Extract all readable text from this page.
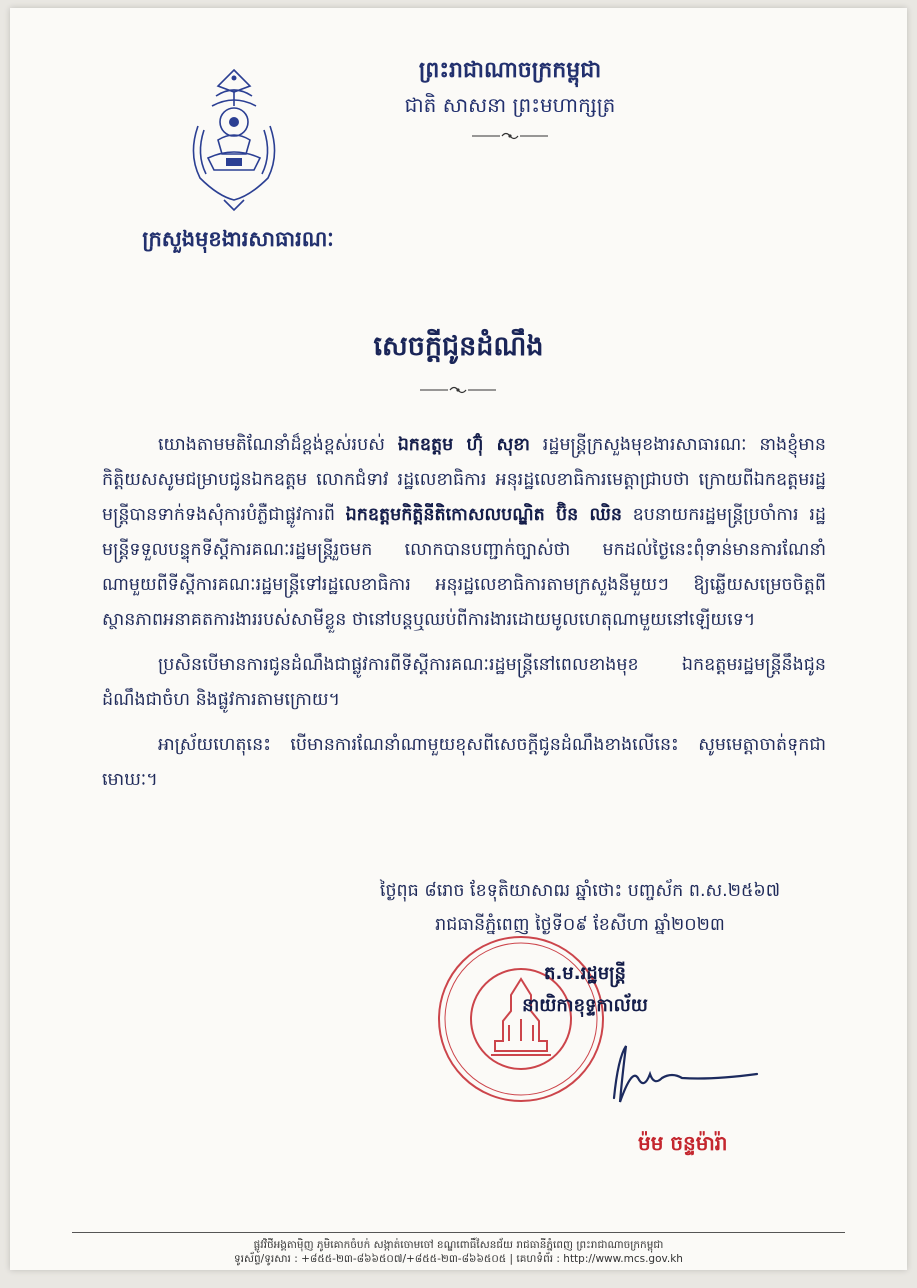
ក្រសួងមុខងារសាធារណៈ
ព្រះរាជាណាចក្រកម្ពុជា
ជាតិ សាសនា ព្រះមហាក្សត្រ
សេចក្តីជូនដំណឹង

យោងតាមមតិណែនាំដ៏ខ្ពង់ខ្ពស់របស់ ឯកឧត្តម ហ៊ុំ សុខា រដ្ឋមន្ត្រីក្រសួងមុខងារសាធារណៈ នាងខ្ញុំមានកិត្តិយសសូមជម្រាបជូនឯកឧត្តម លោកជំទាវ រដ្ឋលេខាធិការ អនុរដ្ឋលេខាធិការមេត្តាជ្រាបថា ក្រោយពីឯកឧត្តមរដ្ឋមន្ត្រីបានទាក់ទងសុំការបំភ្លឺជាផ្លូវការពី ឯកឧត្តមកិត្តិនីតិកោសលបណ្ឌិត ប៊ិន ឈិន ឧបនាយករដ្ឋមន្ត្រីប្រចាំការ រដ្ឋមន្ត្រីទទួលបន្ទុកទីស្តីការគណៈរដ្ឋមន្ត្រីរួចមក លោកបានបញ្ជាក់ច្បាស់ថា មកដល់ថ្ងៃនេះពុំទាន់មានការណែនាំណាមួយពីទីស្តីការគណៈរដ្ឋមន្ត្រីទៅរដ្ឋលេខាធិការ អនុរដ្ឋលេខាធិការតាមក្រសួងនីមួយៗ ឱ្យឆ្លើយសម្រេចចិត្តពីស្ថានភាពអនាគតការងាររបស់សាមីខ្លួន ថានៅបន្តឬឈប់ពីការងារដោយមូលហេតុណាមួយនៅឡើយទេ។

ប្រសិនបើមានការជូនដំណឹងជាផ្លូវការពីទីស្តីការគណៈរដ្ឋមន្ត្រីនៅពេលខាងមុខ ឯកឧត្តមរដ្ឋមន្ត្រីនឹងជូនដំណឹងជាចំហ និងផ្លូវការតាមក្រោយ។

អាស្រ័យហេតុនេះ បើមានការណែនាំណាមួយខុសពីសេចក្តីជូនដំណឹងខាងលើនេះ សូមមេត្តាចាត់ទុកជាមោឃៈ។

ថ្ងៃពុធ ៨រោច ខែទុតិយាសាឍ ឆ្នាំថោះ បញ្ចស័ក ព.ស.២៥៦៧
រាជធានីភ្នំពេញ ថ្ងៃទី០៩ ខែសីហា ឆ្នាំ២០២៣
ត.ម.រដ្ឋមន្ត្រី
នាយិកាខុទ្ទកាល័យ
ម៉ម ចន្ទម៉ារ៉ា
ផ្លូវវិថីអង្គតាម៉ិញ ភូមិគោកចំបក់ សង្កាត់ចោមចៅ ខណ្ឌពោធិ៍សែនជ័យ រាជធានីភ្នំពេញ ព្រះរាជាណាចក្រកម្ពុជា
ទូរស័ព្ទ/ទូរសារ : +៨៥៥-២៣-៨៦៦៥០៧/+៨៥៥-២៣-៨៦៦៥០៥ | គេហទំព័រ : http://www.mcs.gov.kh
